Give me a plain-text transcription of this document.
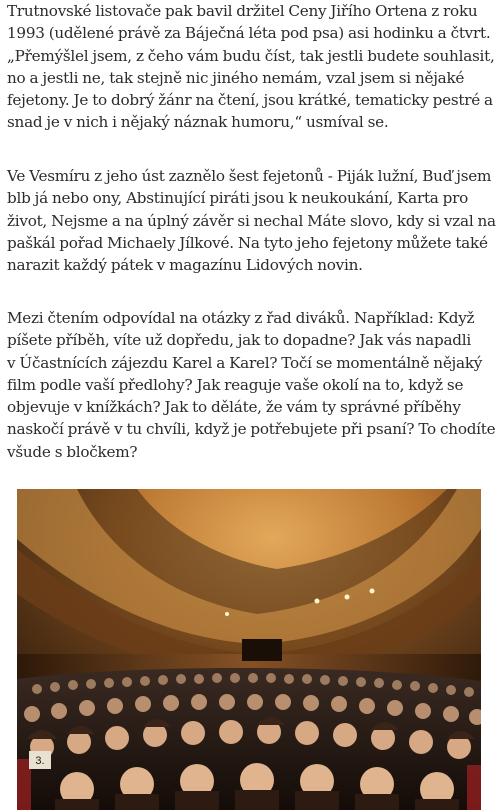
Trutnovské listovače pak bavil držitel Ceny Jiřího Ortena z roku
1993 (udělené právě za Báječná léta pod psa) asi hodinku a čtvrt.
„Přemýšlel jsem, z čeho vám budu číst, tak jestli budete souhlasit,
no a jestli ne, tak stejně nic jiného nemám, vzal jsem si nějaké
fejetony. Je to dobrý žánr na čtení, jsou krátké, tematicky pestré a
snad je v nich i nějaký náznak humoru,“ usmíval se.

Ve Vesmíru z jeho úst zaznělo šest fejetonů - Piják lužní, Buď jsem
blb já nebo ony, Abstinující piráti jsou k neukoukání, Karta pro
život, Nejsme a na úplný závěr si nechal Máte slovo, kdy si vzal na
paškál pořad Michaely Jílkové. Na tyto jeho fejetony můžete také
narazit každý pátek v magazínu Lidových novin.

Mezi čtením odpovídal na otázky z řad diváků. Například: Když
píšete příběh, víte už dopředu, jak to dopadne? Jak vás napadli
v Účastnících zájezdu Karel a Karel? Točí se momentálně nějaký
film podle vaší předlohy? Jak reaguje vaše okolí na to, když se
objevuje v knížkách? Jak to děláte, že vám ty správné příběhy
naskočí právě v tu chvíli, když je potřebujete při psaní? To chodíte
všude s bločkem?

3.
